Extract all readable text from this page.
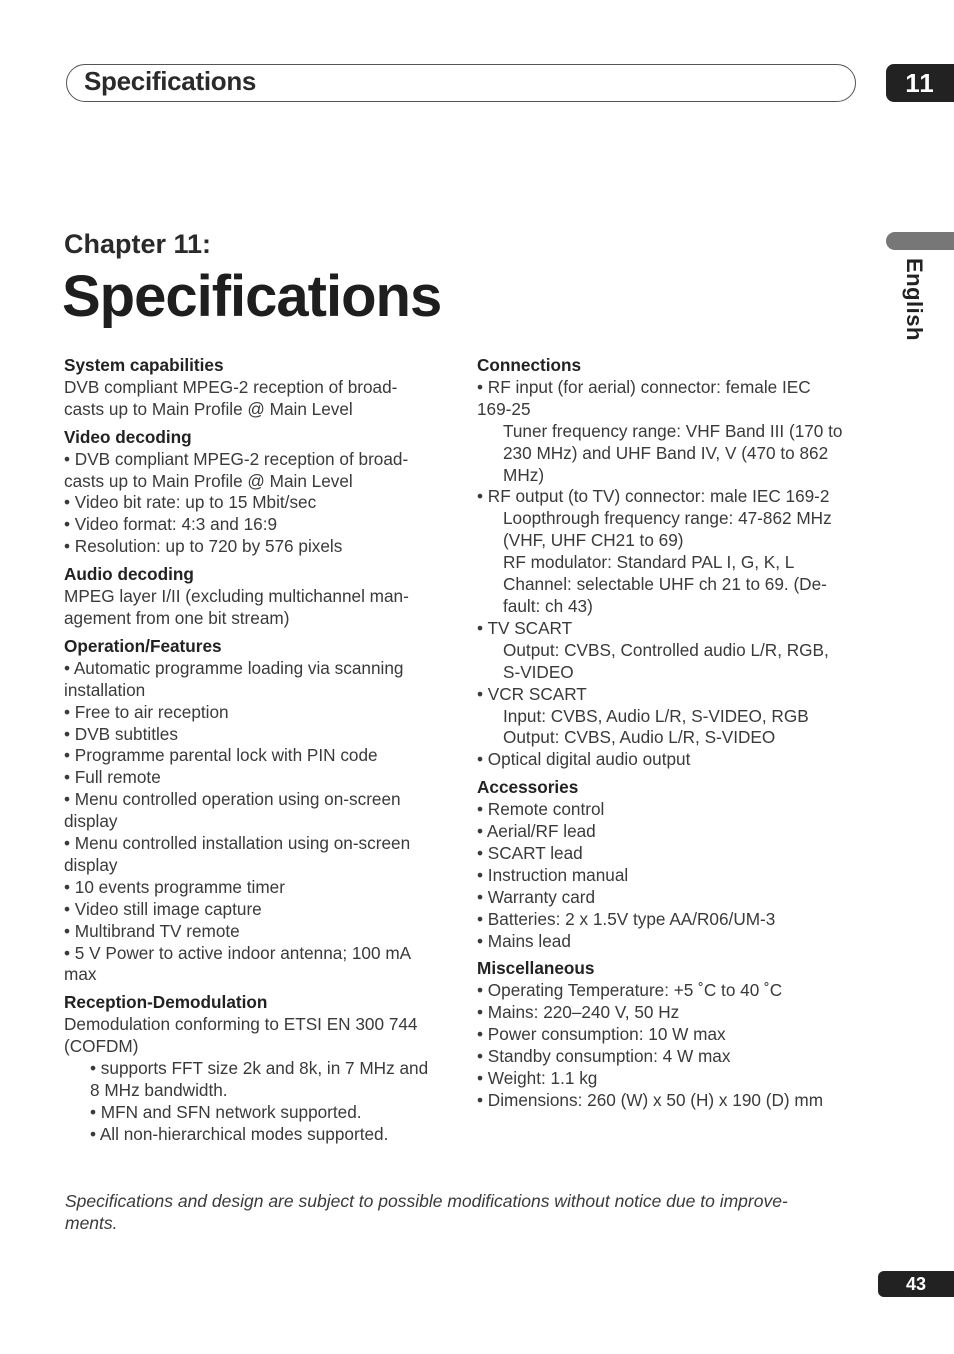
Specifications	11
English
Chapter 11:
Specifications
System capabilities
DVB compliant MPEG-2 reception of broad-
casts up to Main Profile @ Main Level
Video decoding
• DVB compliant MPEG-2 reception of broad-
casts up to Main Profile @ Main Level
• Video bit rate: up to 15 Mbit/sec
• Video format: 4:3 and 16:9
• Resolution: up to 720 by 576 pixels
Audio decoding
MPEG layer I/II (excluding multichannel man-
agement from one bit stream)
Operation/Features
• Automatic programme loading via scanning
installation
• Free to air reception
• DVB subtitles
• Programme parental lock with PIN code
• Full remote
• Menu controlled operation using on-screen
display
• Menu controlled installation using on-screen
display
• 10 events programme timer
• Video still image capture
• Multibrand TV remote
• 5 V Power to active indoor antenna; 100 mA
max
Reception-Demodulation
Demodulation conforming to ETSI EN 300 744
(COFDM)
• supports FFT size 2k and 8k, in 7 MHz and
8 MHz bandwidth.
• MFN and SFN network supported.
• All non-hierarchical modes supported.
Connections
• RF input (for aerial) connector: female IEC
169-25
Tuner frequency range: VHF Band III (170 to
230 MHz) and UHF Band IV, V (470 to 862
MHz)
• RF output (to TV) connector: male IEC 169-2
Loopthrough frequency range: 47-862 MHz
(VHF, UHF CH21 to 69)
RF modulator: Standard PAL I, G, K, L
Channel: selectable UHF ch 21 to 69. (De-
fault: ch 43)
• TV SCART
Output: CVBS, Controlled audio L/R, RGB,
S-VIDEO
• VCR SCART
Input: CVBS, Audio L/R, S-VIDEO, RGB
Output: CVBS, Audio L/R, S-VIDEO
• Optical digital audio output
Accessories
• Remote control
• Aerial/RF lead
• SCART lead
• Instruction manual
• Warranty card
• Batteries: 2 x 1.5V type AA/R06/UM-3
• Mains lead
Miscellaneous
• Operating Temperature: +5 ˚C to 40 ˚C
• Mains: 220–240 V, 50 Hz
• Power consumption: 10 W max
• Standby consumption: 4 W max
• Weight: 1.1 kg
• Dimensions: 260 (W) x 50 (H) x 190 (D) mm
Specifications and design are subject to possible modifications without notice due to improve-
ments.
43
